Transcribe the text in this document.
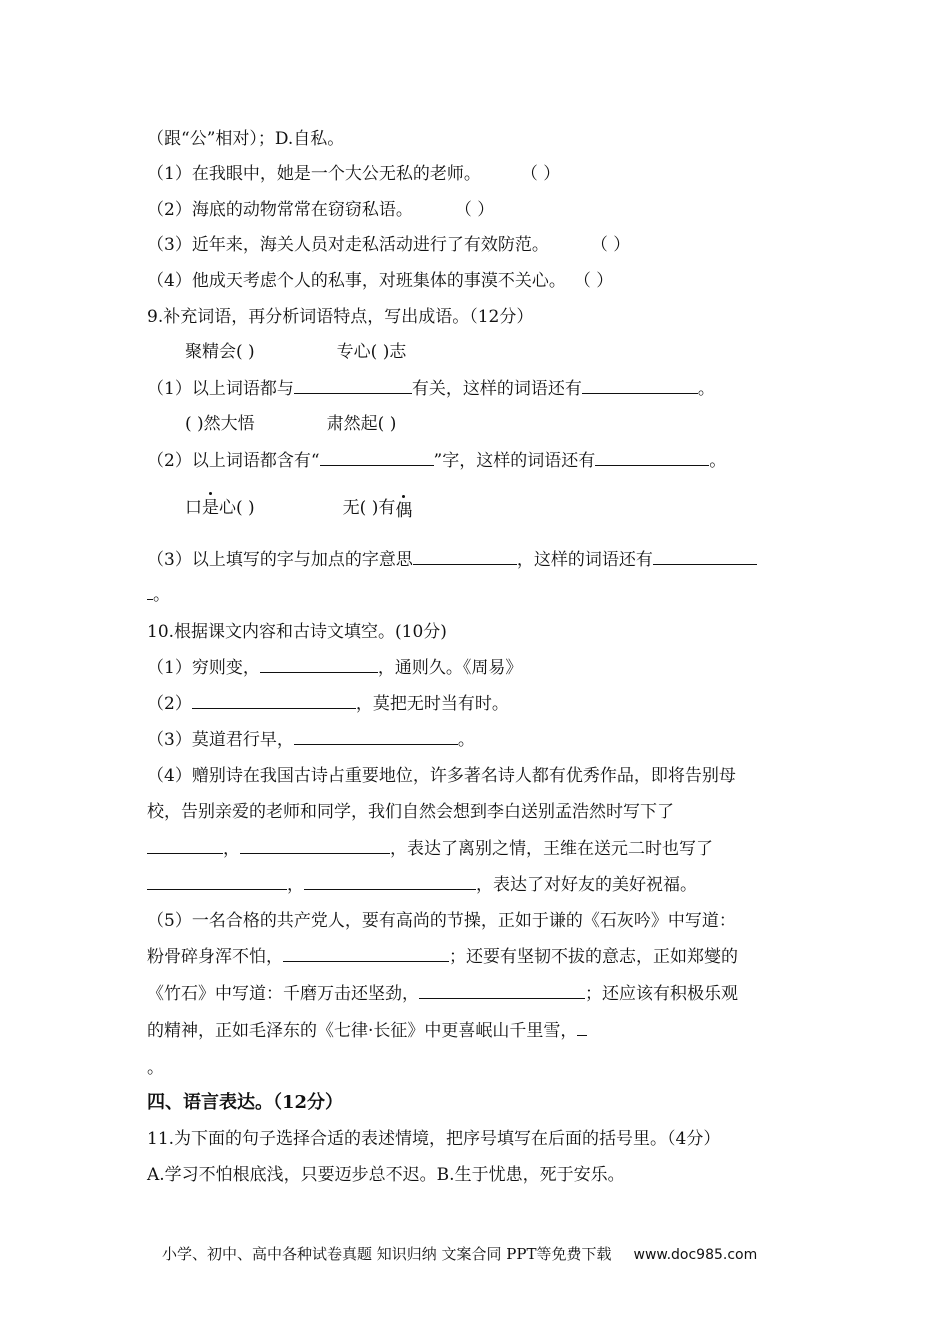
（跟“公”相对）；D.自私。
（1）在我眼中，她是一个大公无私的老师。 （ ）
（2）海底的动物常常在窃窃私语。 （ ）
（3）近年来，海关人员对走私活动进行了有效防范。 （ ）
（4）他成天考虑个人的私事，对班集体的事漠不关心。 （ ）
9.补充词语，再分析词语特点，写出成语。（12分）
聚精会( )	专心( )志
（1）以上词语都与	有关，这样的词语还有	。
( )然大悟	肃然起( )
（2）以上词语都含有“	”字，这样的词语还有	。
口是心( )	无( )有偶
（3）以上填写的字与加点的字意思	，这样的词语还有
。
10.根据课文内容和古诗文填空。(10分)
（1）穷则变，	，通则久。《周易》
（2）	，莫把无时当有时。
（3）莫道君行早，	。
（4）赠别诗在我国古诗占重要地位，许多著名诗人都有优秀作品，即将告别母
校，告别亲爱的老师和同学，我们自然会想到李白送别孟浩然时写下了
，	，表达了离别之情，王维在送元二时也写了
，	，表达了对好友的美好祝福。
（5）一名合格的共产党人，要有高尚的节操，正如于谦的《石灰吟》中写道：
粉骨碎身浑不怕，	；还要有坚韧不拔的意志，正如郑燮的
《竹石》中写道：千磨万击还坚劲，	；还应该有积极乐观
的精神，正如毛泽东的《七律·长征》中更喜岷山千里雪，
。
四、语言表达。（12分）
11.为下面的句子选择合适的表述情境，把序号填写在后面的括号里。（4分）
A.学习不怕根底浅，只要迈步总不迟。B.生于忧患，死于安乐。
小学、初中、高中各种试卷真题 知识归纳 文案合同 PPT等免费下载 www.doc985.com
